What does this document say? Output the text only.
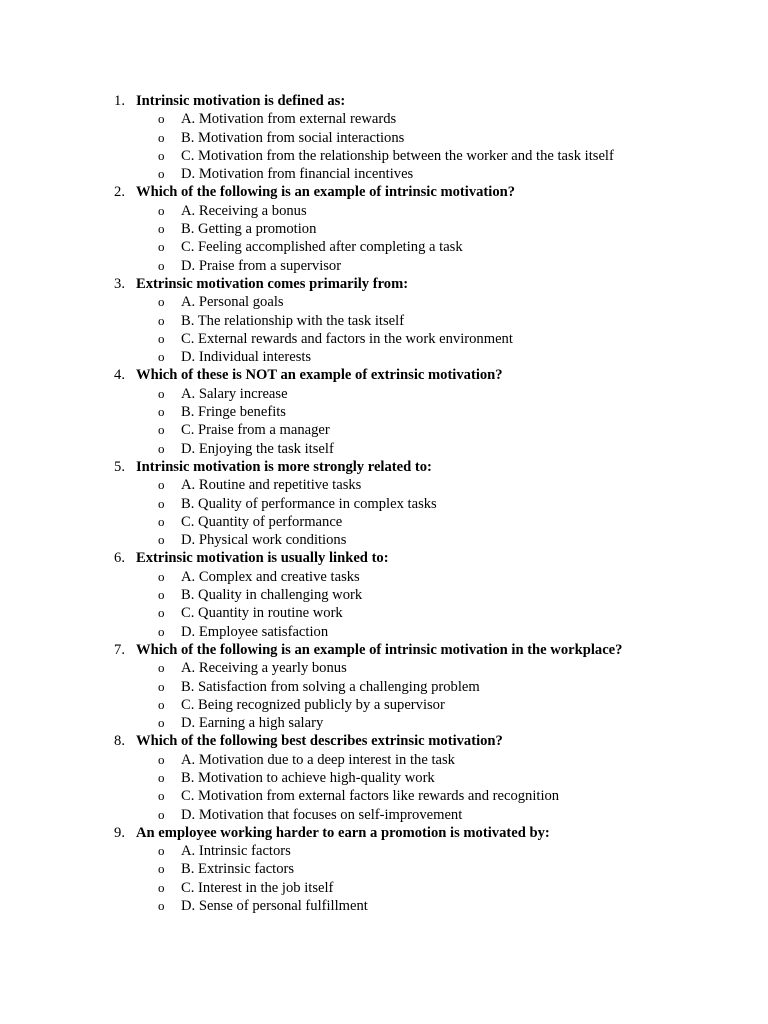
1. Intrinsic motivation is defined as:
o A. Motivation from external rewards
o B. Motivation from social interactions
o C. Motivation from the relationship between the worker and the task itself
o D. Motivation from financial incentives
2. Which of the following is an example of intrinsic motivation?
o A. Receiving a bonus
o B. Getting a promotion
o C. Feeling accomplished after completing a task
o D. Praise from a supervisor
3. Extrinsic motivation comes primarily from:
o A. Personal goals
o B. The relationship with the task itself
o C. External rewards and factors in the work environment
o D. Individual interests
4. Which of these is NOT an example of extrinsic motivation?
o A. Salary increase
o B. Fringe benefits
o C. Praise from a manager
o D. Enjoying the task itself
5. Intrinsic motivation is more strongly related to:
o A. Routine and repetitive tasks
o B. Quality of performance in complex tasks
o C. Quantity of performance
o D. Physical work conditions
6. Extrinsic motivation is usually linked to:
o A. Complex and creative tasks
o B. Quality in challenging work
o C. Quantity in routine work
o D. Employee satisfaction
7. Which of the following is an example of intrinsic motivation in the workplace?
o A. Receiving a yearly bonus
o B. Satisfaction from solving a challenging problem
o C. Being recognized publicly by a supervisor
o D. Earning a high salary
8. Which of the following best describes extrinsic motivation?
o A. Motivation due to a deep interest in the task
o B. Motivation to achieve high-quality work
o C. Motivation from external factors like rewards and recognition
o D. Motivation that focuses on self-improvement
9. An employee working harder to earn a promotion is motivated by:
o A. Intrinsic factors
o B. Extrinsic factors
o C. Interest in the job itself
o D. Sense of personal fulfillment
